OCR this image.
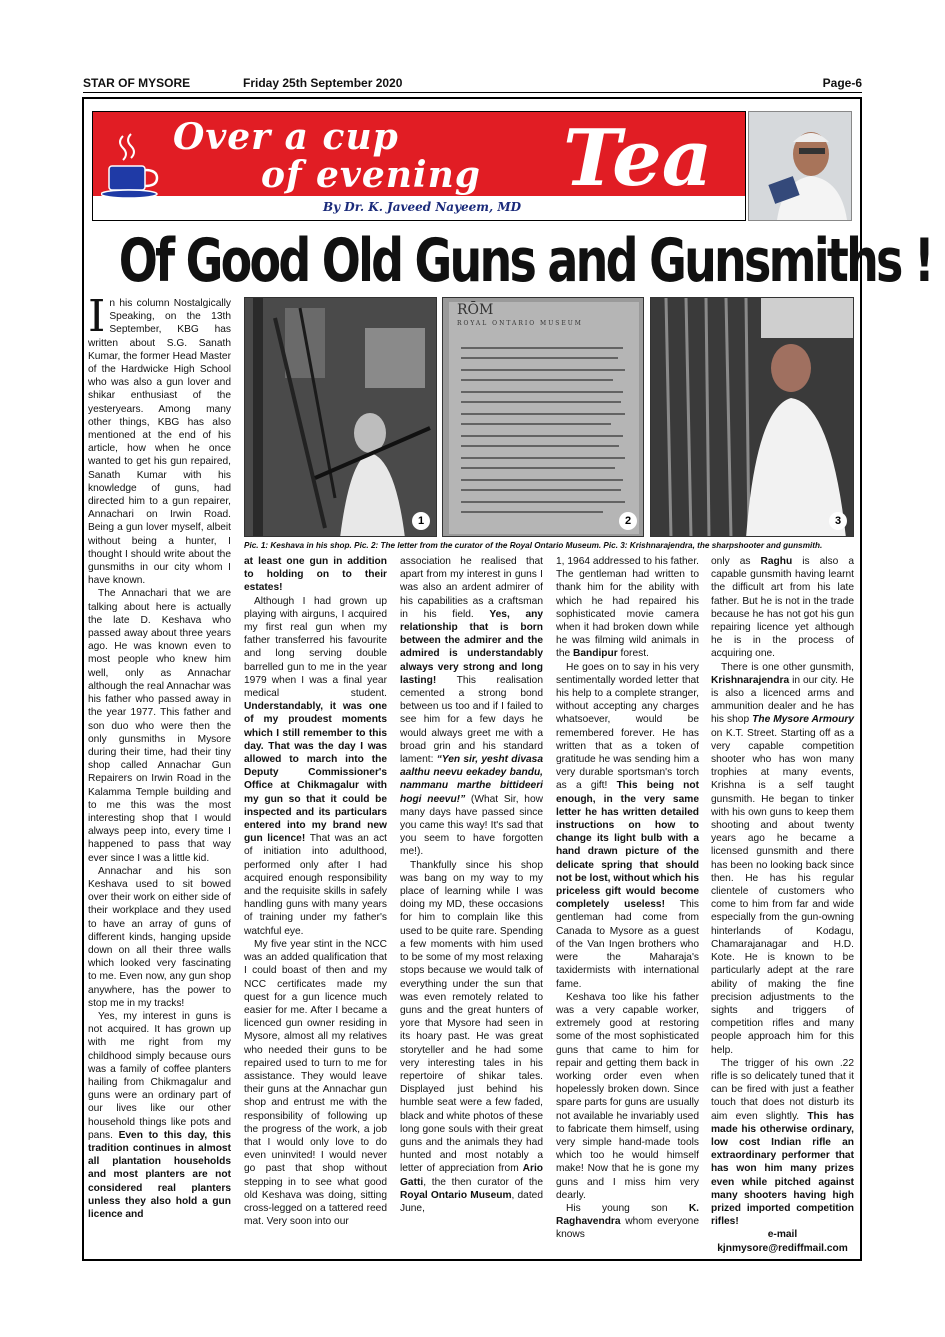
STAR OF MYSORE	Friday 25th September 2020	Page-6
Over a cup
of evening Tea
By Dr. K. Javeed Nayeem, MD
Of Good Old Guns and Gunsmiths !
1
RŌM
ROYAL ONTARIO MUSEUM
2	3
Pic. 1: Keshava in his shop. Pic. 2: The letter from the curator of the Royal Ontario Museum. Pic. 3: Krishnarajendra, the sharpshooter and gunsmith.

In his column Nostalgically Speaking, on the 13th September, KBG has written about S.G. Sanath Kumar, the former Head Master of the Hardwicke High School who was also a gun lover and shikar enthusiast of the yesteryears. Among many other things, KBG has also mentioned at the end of his article, how when he once wanted to get his gun repaired, Sanath Kumar with his knowledge of guns, had directed him to a gun repairer, Annachari on Irwin Road. Being a gun lover myself, albeit without being a hunter, I thought I should write about the gunsmiths in our city whom I have known.

The Annachari that we are talking about here is actually the late D. Keshava who passed away about three years ago. He was known even to most people who knew him well, only as Annachar although the real Annachar was his father who passed away in the year 1977. This father and son duo who were then the only gunsmiths in Mysore during their time, had their tiny shop called Annachar Gun Repairers on Irwin Road in the Kalamma Temple building and to me this was the most interesting shop that I would always peep into, every time I happened to pass that way ever since I was a little kid.

Annachar and his son Keshava used to sit bowed over their work on either side of their workplace and they used to have an array of guns of different kinds, hanging upside down on all their three walls which looked very fascinating to me. Even now, any gun shop anywhere, has the power to stop me in my tracks!

Yes, my interest in guns is not acquired. It has grown up with me right from my childhood simply because ours was a family of coffee planters hailing from Chikmagalur and guns were an ordinary part of our lives like our other household things like pots and pans. Even to this day, this tradition continues in almost all plantation households and most planters are not considered real planters unless they also hold a gun licence and

at least one gun in addition to holding on to their estates!

Although I had grown up playing with airguns, I acquired my first real gun when my father transferred his favourite and long serving double barrelled gun to me in the year 1979 when I was a final year medical student. Understandably, it was one of my proudest moments which I still remember to this day. That was the day I was allowed to march into the Deputy Commissioner's Office at Chikmagalur with my gun so that it could be inspected and its particulars entered into my brand new gun licence! That was an act of initiation into adulthood, performed only after I had acquired enough responsibility and the requisite skills in safely handling guns with many years of training under my father's watchful eye.

My five year stint in the NCC was an added qualification that I could boast of then and my NCC certificates made my quest for a gun licence much easier for me. After I became a licenced gun owner residing in Mysore, almost all my relatives who needed their guns to be repaired used to turn to me for assistance. They would leave their guns at the Annachar gun shop and entrust me with the responsibility of following up the progress of the work, a job that I would only love to do even uninvited! I would never go past that shop without stepping in to see what good old Keshava was doing, sitting cross-legged on a tattered reed mat. Very soon into our

association he realised that apart from my interest in guns I was also an ardent admirer of his capabilities as a craftsman in his field. Yes, any relationship that is born between the admirer and the admired is understandably always very strong and long lasting! This realisation cemented a strong bond between us too and if I failed to see him for a few days he would always greet me with a broad grin and his standard lament: “Yen sir, yesht divasa aalthu neevu eekadey bandu, nammanu marthe bittideeri hogi neevu!” (What Sir, how many days have passed since you came this way! It's sad that you seem to have forgotten me!).

Thankfully since his shop was bang on my way to my place of learning while I was doing my MD, these occasions for him to complain like this used to be quite rare. Spending a few moments with him used to be some of my most relaxing stops because we would talk of everything under the sun that was even remotely related to guns and the great hunters of yore that Mysore had seen in its hoary past. He was great storyteller and he had some very interesting tales in his repertoire of shikar tales. Displayed just behind his humble seat were a few faded, black and white photos of these long gone souls with their great guns and the animals they had hunted and most notably a letter of appreciation from Ario Gatti, the then curator of the Royal Ontario Museum, dated June,

1, 1964 addressed to his father. The gentleman had written to thank him for the ability with which he had repaired his sophisticated movie camera when it had broken down while he was filming wild animals in the Bandipur forest.

He goes on to say in his very sentimentally worded letter that his help to a complete stranger, without accepting any charges whatsoever, would be remembered forever. He has written that as a token of gratitude he was sending him a very durable sportsman's torch as a gift! This being not enough, in the very same letter he has written detailed instructions on how to change its light bulb with a hand drawn picture of the delicate spring that should not be lost, without which his priceless gift would become completely useless! This gentleman had come from Canada to Mysore as a guest of the Van Ingen brothers who were the Maharaja's taxidermists with international fame.

Keshava too like his father was a very capable worker, extremely good at restoring some of the most sophisticated guns that came to him for repair and getting them back in working order even when hopelessly broken down. Since spare parts for guns are usually not available he invariably used to fabricate them himself, using very simple hand-made tools which too he would himself make! Now that he is gone my guns and I miss him very dearly.

His young son K. Raghavendra whom everyone knows

only as Raghu is also a capable gunsmith having learnt the difficult art from his late father. But he is not in the trade because he has not got his gun repairing licence yet although he is in the process of acquiring one.

There is one other gunsmith, Krishnarajendra in our city. He is also a licenced arms and ammunition dealer and he has his shop The Mysore Armoury on K.T. Street. Starting off as a very capable competition shooter who has won many trophies at many events, Krishna is a self taught gunsmith. He began to tinker with his own guns to keep them shooting and about twenty years ago he became a licensed gunsmith and there has been no looking back since then. He has his regular clientele of customers who come to him from far and wide especially from the gun-owning hinterlands of Kodagu, Chamarajanagar and H.D. Kote. He is known to be particularly adept at the rare ability of making the fine precision adjustments to the sights and triggers of competition rifles and many people approach him for this help.

The trigger of his own .22 rifle is so delicately tuned that it can be fired with just a feather touch that does not disturb its aim even slightly. This has made his otherwise ordinary, low cost Indian rifle an extraordinary performer that has won him many prizes even while pitched against many shooters having high prized imported competition rifles!

e-mail

kjnmysore@rediffmail.com
